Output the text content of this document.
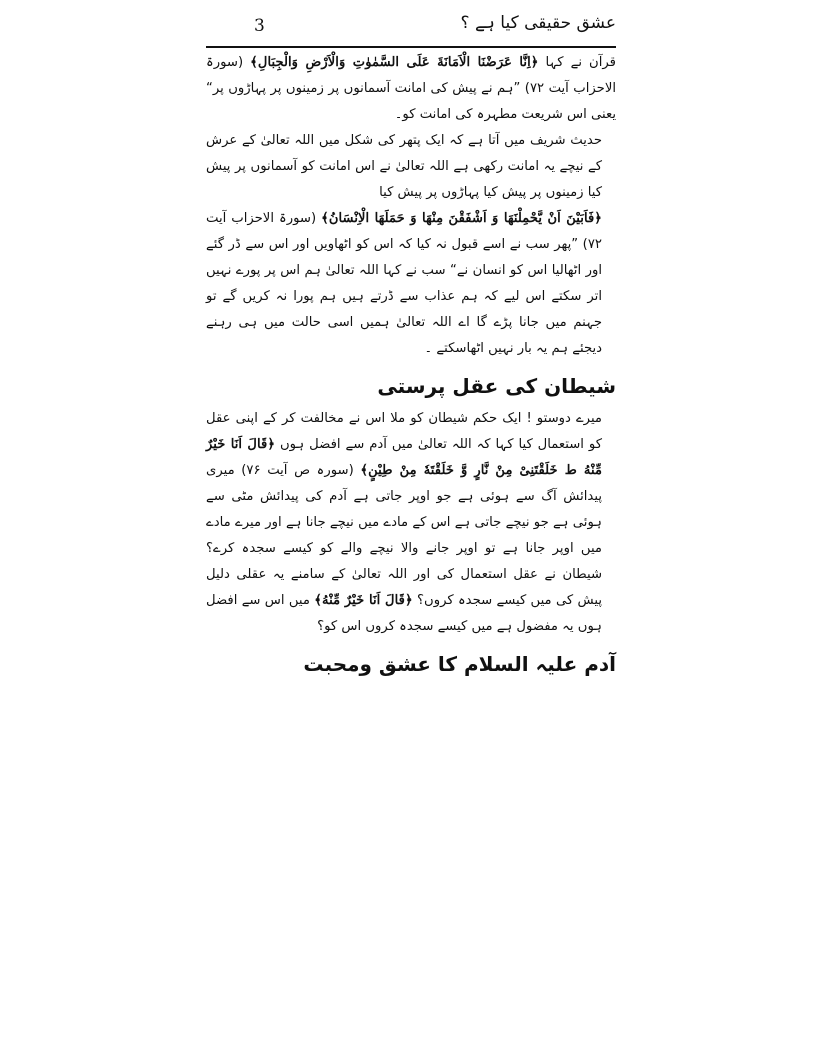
3	عشق حقیقی کیا ہے ؟

قرآن نے کہا ﴿اِنَّا عَرَضْنَا الْاَمَانَةَ عَلَی السَّمٰوٰتِ وَالْاَرْضِ وَالْجِبَالِ﴾ (سورۃ الاحزاب آیت ۷۲) ”ہم نے پیش کی امانت آسمانوں پر زمینوں پر پہاڑوں پر“ یعنی اس شریعت مطہرہ کی امانت کو۔

حدیث شریف میں آتا ہے کہ ایک پتھر کی شکل میں اللہ تعالیٰ کے عرش کے نیچے یہ امانت رکھی ہے اللہ تعالیٰ نے اس امانت کو آسمانوں پر پیش کیا زمینوں پر پیش کیا پہاڑوں پر پیش کیا

﴿فَاَبَیْنَ اَنْ یَّحْمِلْنَهَا وَ اَشْفَقْنَ مِنْهَا وَ حَمَلَهَا الْاِنْسَانُ﴾ (سورۃ الاحزاب آیت ۷۲) ”پھر سب نے اسے قبول نہ کیا کہ اس کو اٹھاویں اور اس سے ڈر گئے اور اٹھالیا اس کو انسان نے“ سب نے کہا اللہ تعالیٰ ہم اس پر پورے نہیں اتر سکتے اس لیے کہ ہم عذاب سے ڈرتے ہیں ہم پورا نہ کریں گے تو جہنم میں جانا پڑے گا اے اللہ تعالیٰ ہمیں اسی حالت میں ہی رہنے دیجئے ہم یہ بار نہیں اٹھاسکتے ۔

شیطان کی عقل پرستی

میرے دوستو ! ایک حکم شیطان کو ملا اس نے مخالفت کر کے اپنی عقل کو استعمال کیا کہا کہ اللہ تعالیٰ میں آدم سے افضل ہوں ﴿قَالَ اَنَا خَیْرٌ مِّنْهُ ط خَلَقْتَنِیْ مِنْ نَّارٍ وَّ خَلَقْتَهٗ مِنْ طِیْنٍ﴾ (سورہ ص آیت ۷۶) میری پیدائش آگ سے ہوئی ہے جو اوپر جاتی ہے آدم کی پیدائش مٹی سے ہوئی ہے جو نیچے جاتی ہے اس کے مادے میں نیچے جانا ہے اور میرے مادے میں اوپر جانا ہے تو اوپر جانے والا نیچے والے کو کیسے سجدہ کرے؟ شیطان نے عقل استعمال کی اور اللہ تعالیٰ کے سامنے یہ عقلی دلیل پیش کی میں کیسے سجدہ کروں؟ ﴿قَالَ اَنَا خَیْرٌ مِّنْهُ﴾ میں اس سے افضل ہوں یہ مفضول ہے میں کیسے سجدہ کروں اس کو؟

آدم علیہ السلام کا عشق ومحبت
